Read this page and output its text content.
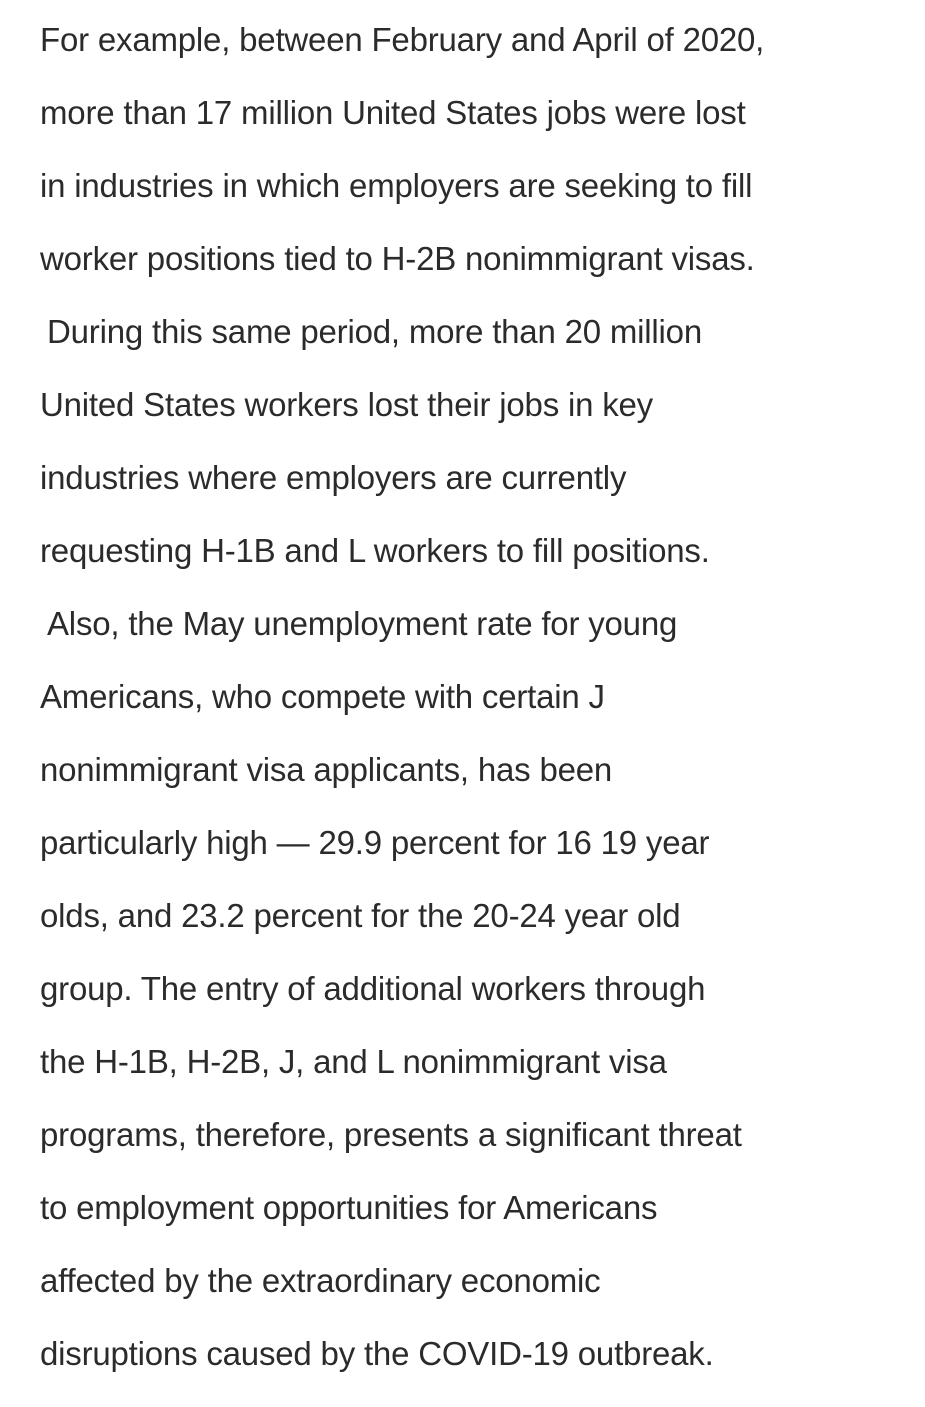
For example, between February and April of 2020,
more than 17 million United States jobs were lost
in industries in which employers are seeking to fill
worker positions tied to H-2B nonimmigrant visas.
During this same period, more than 20 million
United States workers lost their jobs in key
industries where employers are currently
requesting H-1B and L workers to fill positions.
Also, the May unemployment rate for young
Americans, who compete with certain J
nonimmigrant visa applicants, has been
particularly high — 29.9 percent for 16 19 year
olds, and 23.2 percent for the 20-24 year old
group. The entry of additional workers through
the H-1B, H-2B, J, and L nonimmigrant visa
programs, therefore, presents a significant threat
to employment opportunities for Americans
affected by the extraordinary economic
disruptions caused by the COVID-19 outbreak.
